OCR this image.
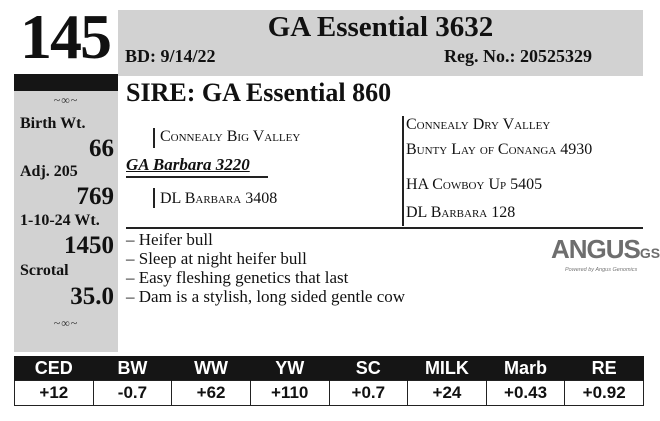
145	GA Essential 3632
BD: 9/14/22	Reg. No.: 20525329
~∞~
Birth Wt.
66
Adj. 205
769
1-10-24 Wt.
1450
Scrotal
35.0
~∞~
SIRE: GA Essential 860
Connealy Big Valley
GA Barbara 3220
DL Barbara 3408
Connealy Dry Valley
Bunty Lay of Conanga 4930
HA Cowboy Up 5405
DL Barbara 128
– Heifer bull
– Sleep at night heifer bull
– Easy fleshing genetics that last
– Dam is a stylish, long sided gentle cow
ANGUSGS
Powered by Angus Genomics
CED	BW	WW	YW	SC	MILK	Marb	RE
+12	-0.7	+62	+110	+0.7	+24	+0.43	+0.92
